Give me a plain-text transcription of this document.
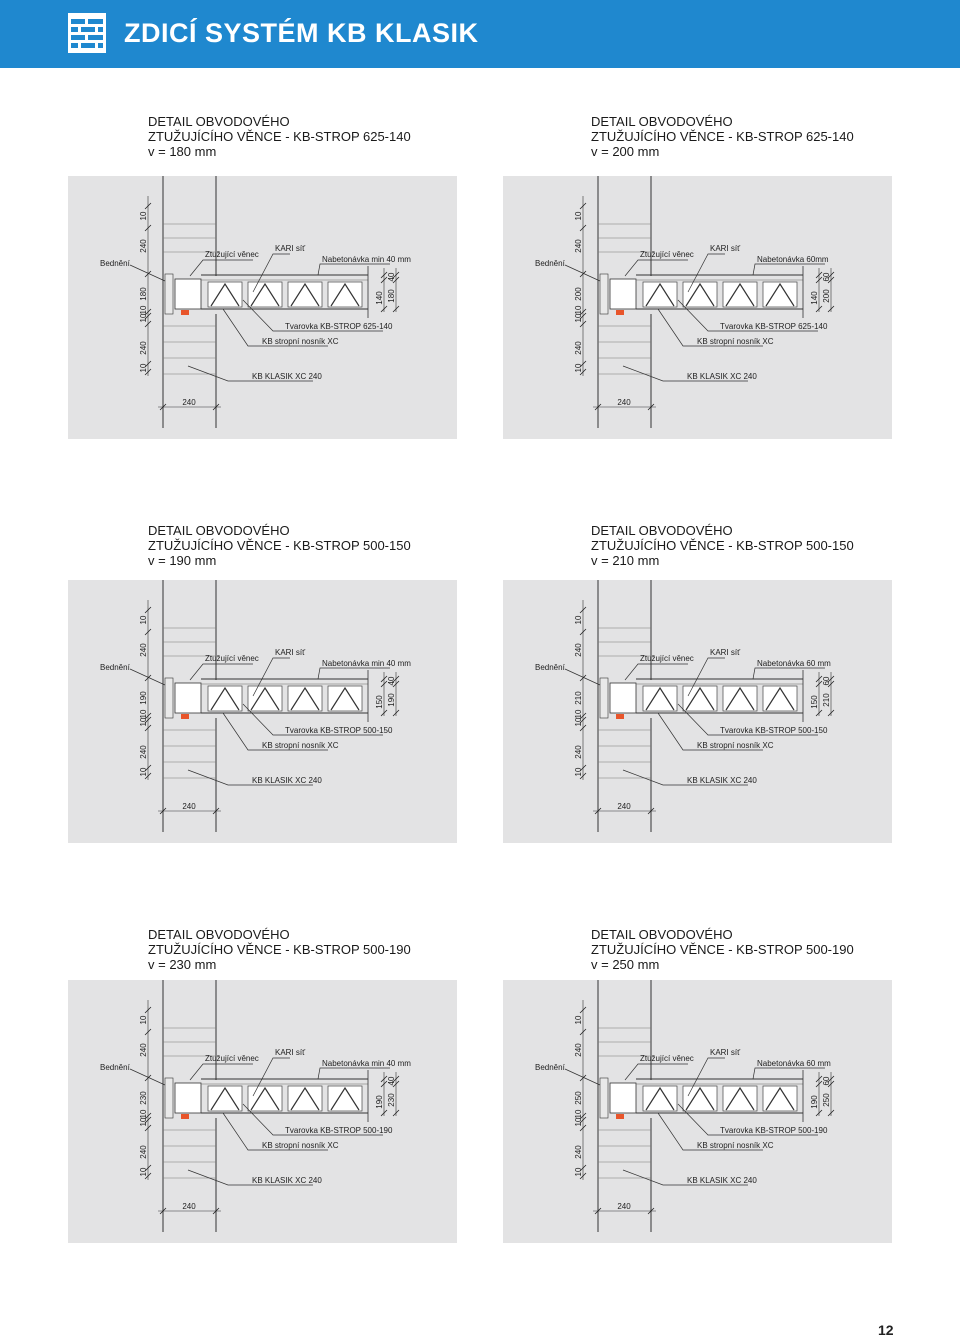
ZDICÍ SYSTÉM KB KLASIK
DETAIL OBVODOVÉHO
ZTUŽUJÍCÍHO VĚNCE - KB-STROP 625-140
v = 180 mm
DETAIL OBVODOVÉHO
ZTUŽUJÍCÍHO VĚNCE - KB-STROP 625-140
v = 200 mm
Bednění
Ztužující věnec
KARI síť
Nabetonávka min 40 mm
Tvarovka KB-STROP 625-140
KB stropní nosník XC
KB KLASIK XC 240
10
240
180
10
10
240
10
140
40
180
240
Bednění
Ztužující věnec
KARI síť
Nabetonávka 60mm
Tvarovka KB-STROP 625-140
KB stropní nosník XC
KB KLASIK XC 240
10
240
200
10
10
240
10
140
60
200
240
DETAIL OBVODOVÉHO
ZTUŽUJÍCÍHO VĚNCE - KB-STROP 500-150
v = 190 mm
DETAIL OBVODOVÉHO
ZTUŽUJÍCÍHO VĚNCE - KB-STROP 500-150
v = 210 mm
Bednění
Ztužující věnec
KARI síť
Nabetonávka min 40 mm
Tvarovka KB-STROP 500-150
KB stropní nosník XC
KB KLASIK XC 240
10
240
190
10
10
240
10
150
40
190
240
Bednění
Ztužující věnec
KARI síť
Nabetonávka 60 mm
Tvarovka KB-STROP 500-150
KB stropní nosník XC
KB KLASIK XC 240
10
240
210
10
10
240
10
150
60
210
240
DETAIL OBVODOVÉHO
ZTUŽUJÍCÍHO VĚNCE - KB-STROP 500-190
v = 230 mm
DETAIL OBVODOVÉHO
ZTUŽUJÍCÍHO VĚNCE - KB-STROP 500-190
v = 250 mm
Bednění
Ztužující věnec
KARI síť
Nabetonávka min 40 mm
Tvarovka KB-STROP 500-190
KB stropní nosník XC
KB KLASIK XC 240
10
240
230
10
10
240
10
190
40
230
240
Bednění
Ztužující věnec
KARI síť
Nabetonávka 60 mm
Tvarovka KB-STROP 500-190
KB stropní nosník XC
KB KLASIK XC 240
10
240
250
10
10
240
10
190
60
250
240
12
